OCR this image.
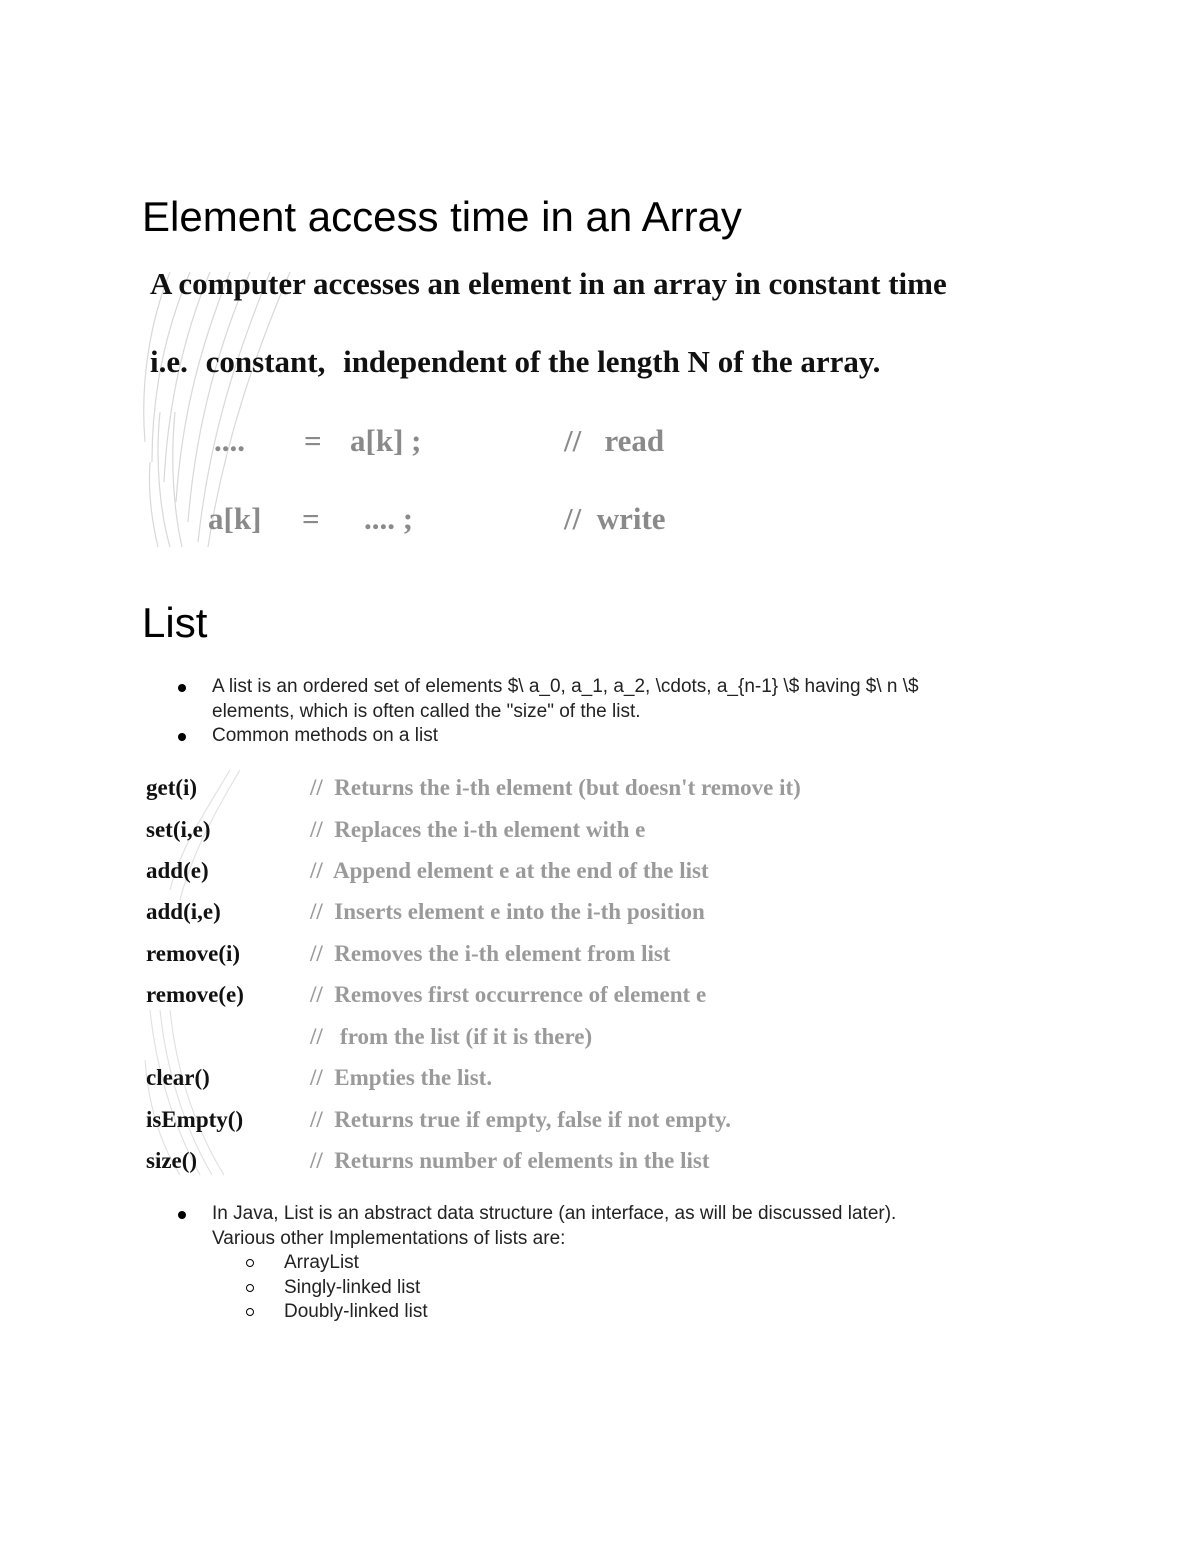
Element access time in an Array
A computer accesses an element in an array in constant time
i.e. constant, independent of the length N of the array.
.... = a[k] ;	//   read
a[k] = .... ;	//  write
List
A list is an ordered set of elements $\ a_0, a_1, a_2, \cdots, a_{n-1} \$ having $\ n \$
elements, which is often called the "size" of the list.
Common methods on a list
get(i)	//  Returns the i-th element (but doesn't remove it)
set(i,e)	//  Replaces the i-th element with e
add(e)	//  Append element e at the end of the list
add(i,e)	//  Inserts element e into the i-th position
remove(i)	//  Removes the i-th element from list
remove(e)	//  Removes first occurrence of element e
//   from the list (if it is there)
clear()	//  Empties the list.
isEmpty()	//  Returns true if empty, false if not empty.
size()	//  Returns number of elements in the list
In Java, List is an abstract data structure (an interface, as will be discussed later).
Various other Implementations of lists are:
ArrayList
Singly-linked list
Doubly-linked list
